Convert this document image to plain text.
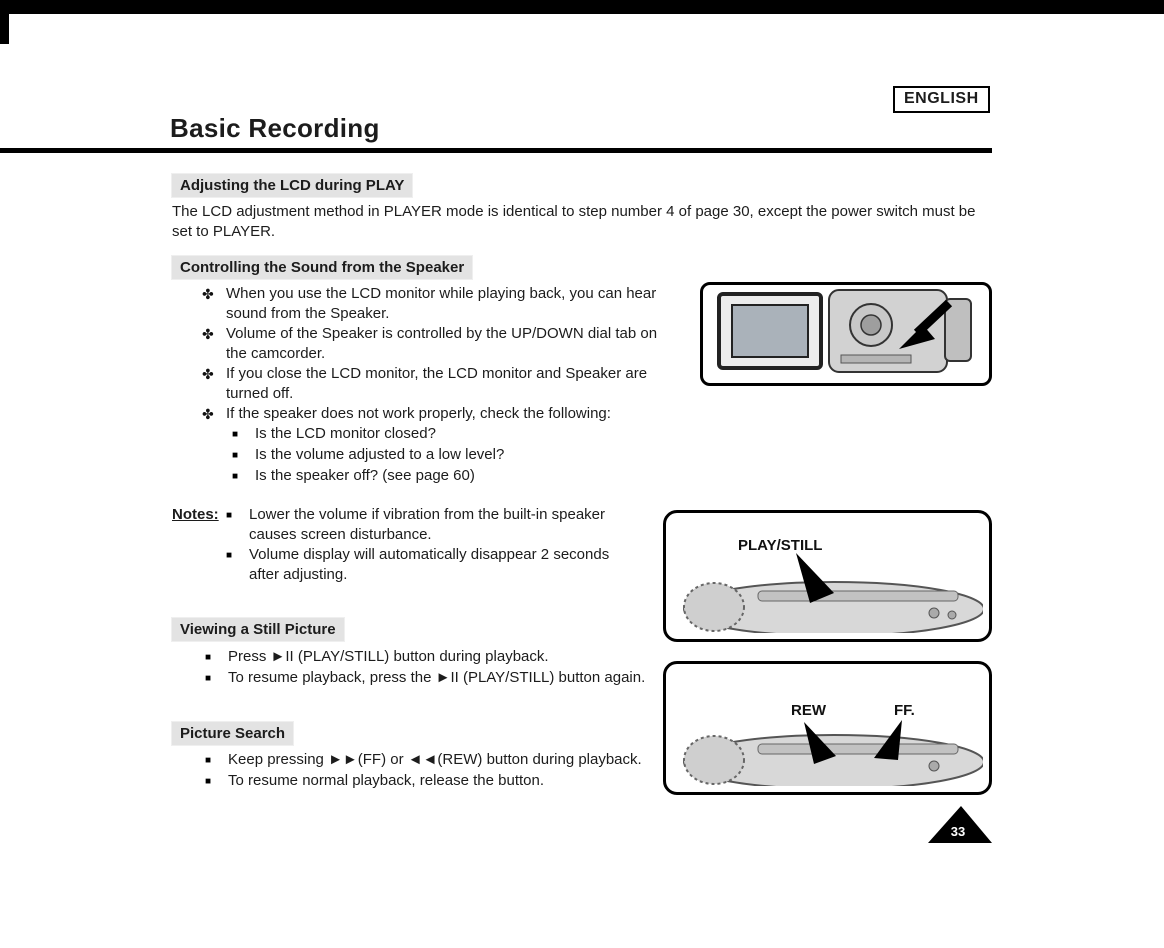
ENGLISH
Basic Recording
Adjusting the LCD during PLAY
The LCD adjustment method in PLAYER mode is identical to step number 4 of page 30, except the power switch must be set to PLAYER.
Controlling the Sound from the Speaker
✤ When you use the LCD monitor while playing back, you can hear sound from the Speaker.
✤ Volume of the Speaker is controlled by the UP/DOWN dial tab on the camcorder.
✤ If you close the LCD monitor, the LCD monitor and Speaker are turned off.
✤ If the speaker does not work properly, check the following:
■	Is the LCD monitor closed?
■	Is the volume adjusted to a low level?
■	Is the speaker off? (see page 60)
Notes: ■	Lower the volume if vibration from the built-in speaker causes screen disturbance.
■	Volume display will automatically disappear 2 seconds after adjusting.
Viewing a Still Picture
■	Press ►II (PLAY/STILL) button during playback.
■	To resume playback, press the ►II (PLAY/STILL) button again.
Picture Search
■	Keep pressing ►►(FF) or ◄◄(REW) button during playback.
■	To resume normal playback, release the button.
PLAY/STILL
REW	FF.
33
